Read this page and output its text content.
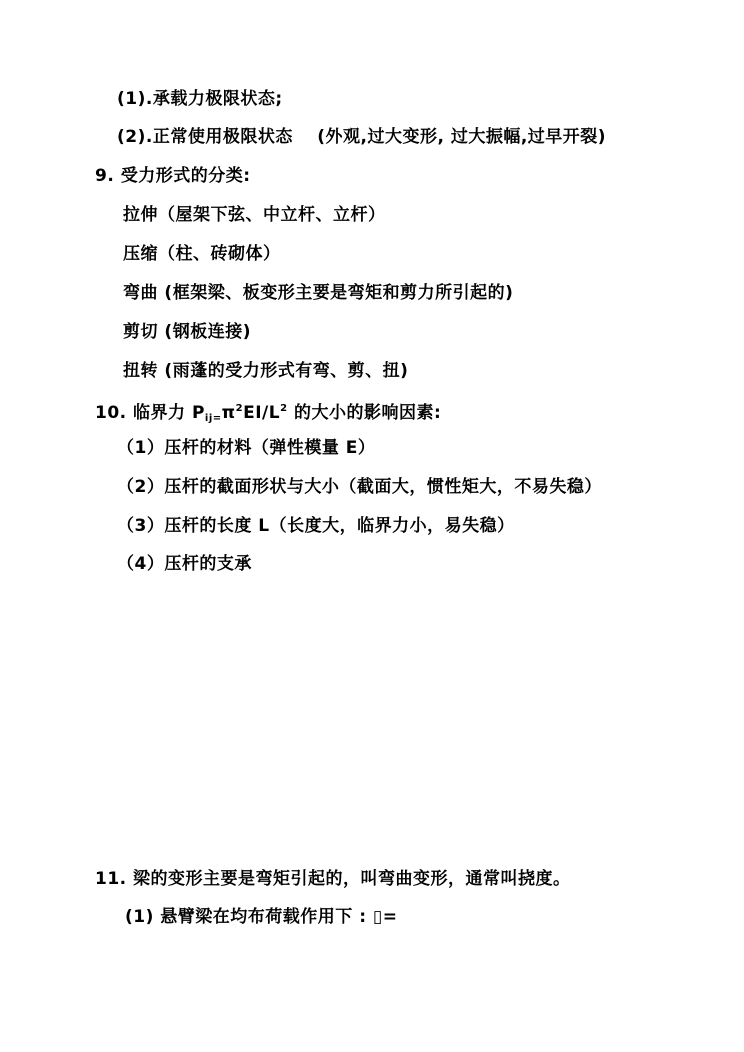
(1).承载力极限状态;
(2).正常使用极限状态 (外观,过大变形, 过大振幅,过早开裂)
9. 受力形式的分类:
拉伸（屋架下弦、中立杆、立杆）
压缩（柱、砖砌体）
弯曲 (框架梁、板变形主要是弯矩和剪力所引起的)
剪切 (钢板连接)
扭转 (雨蓬的受力形式有弯、剪、扭)
10. 临界力 $P_{ij=}\pi^2EI/L^2$ 的大小的影响因素:
（1）压杆的材料（弹性模量 E）
（2）压杆的截面形状与大小（截面大，惯性矩大，不易失稳）
（3）压杆的长度 L（长度大，临界力小，易失稳）
（4）压杆的支承
11. 梁的变形主要是弯矩引起的，叫弯曲变形，通常叫挠度。
(1) 悬臂梁在均布荷载作用下 : ▯=
